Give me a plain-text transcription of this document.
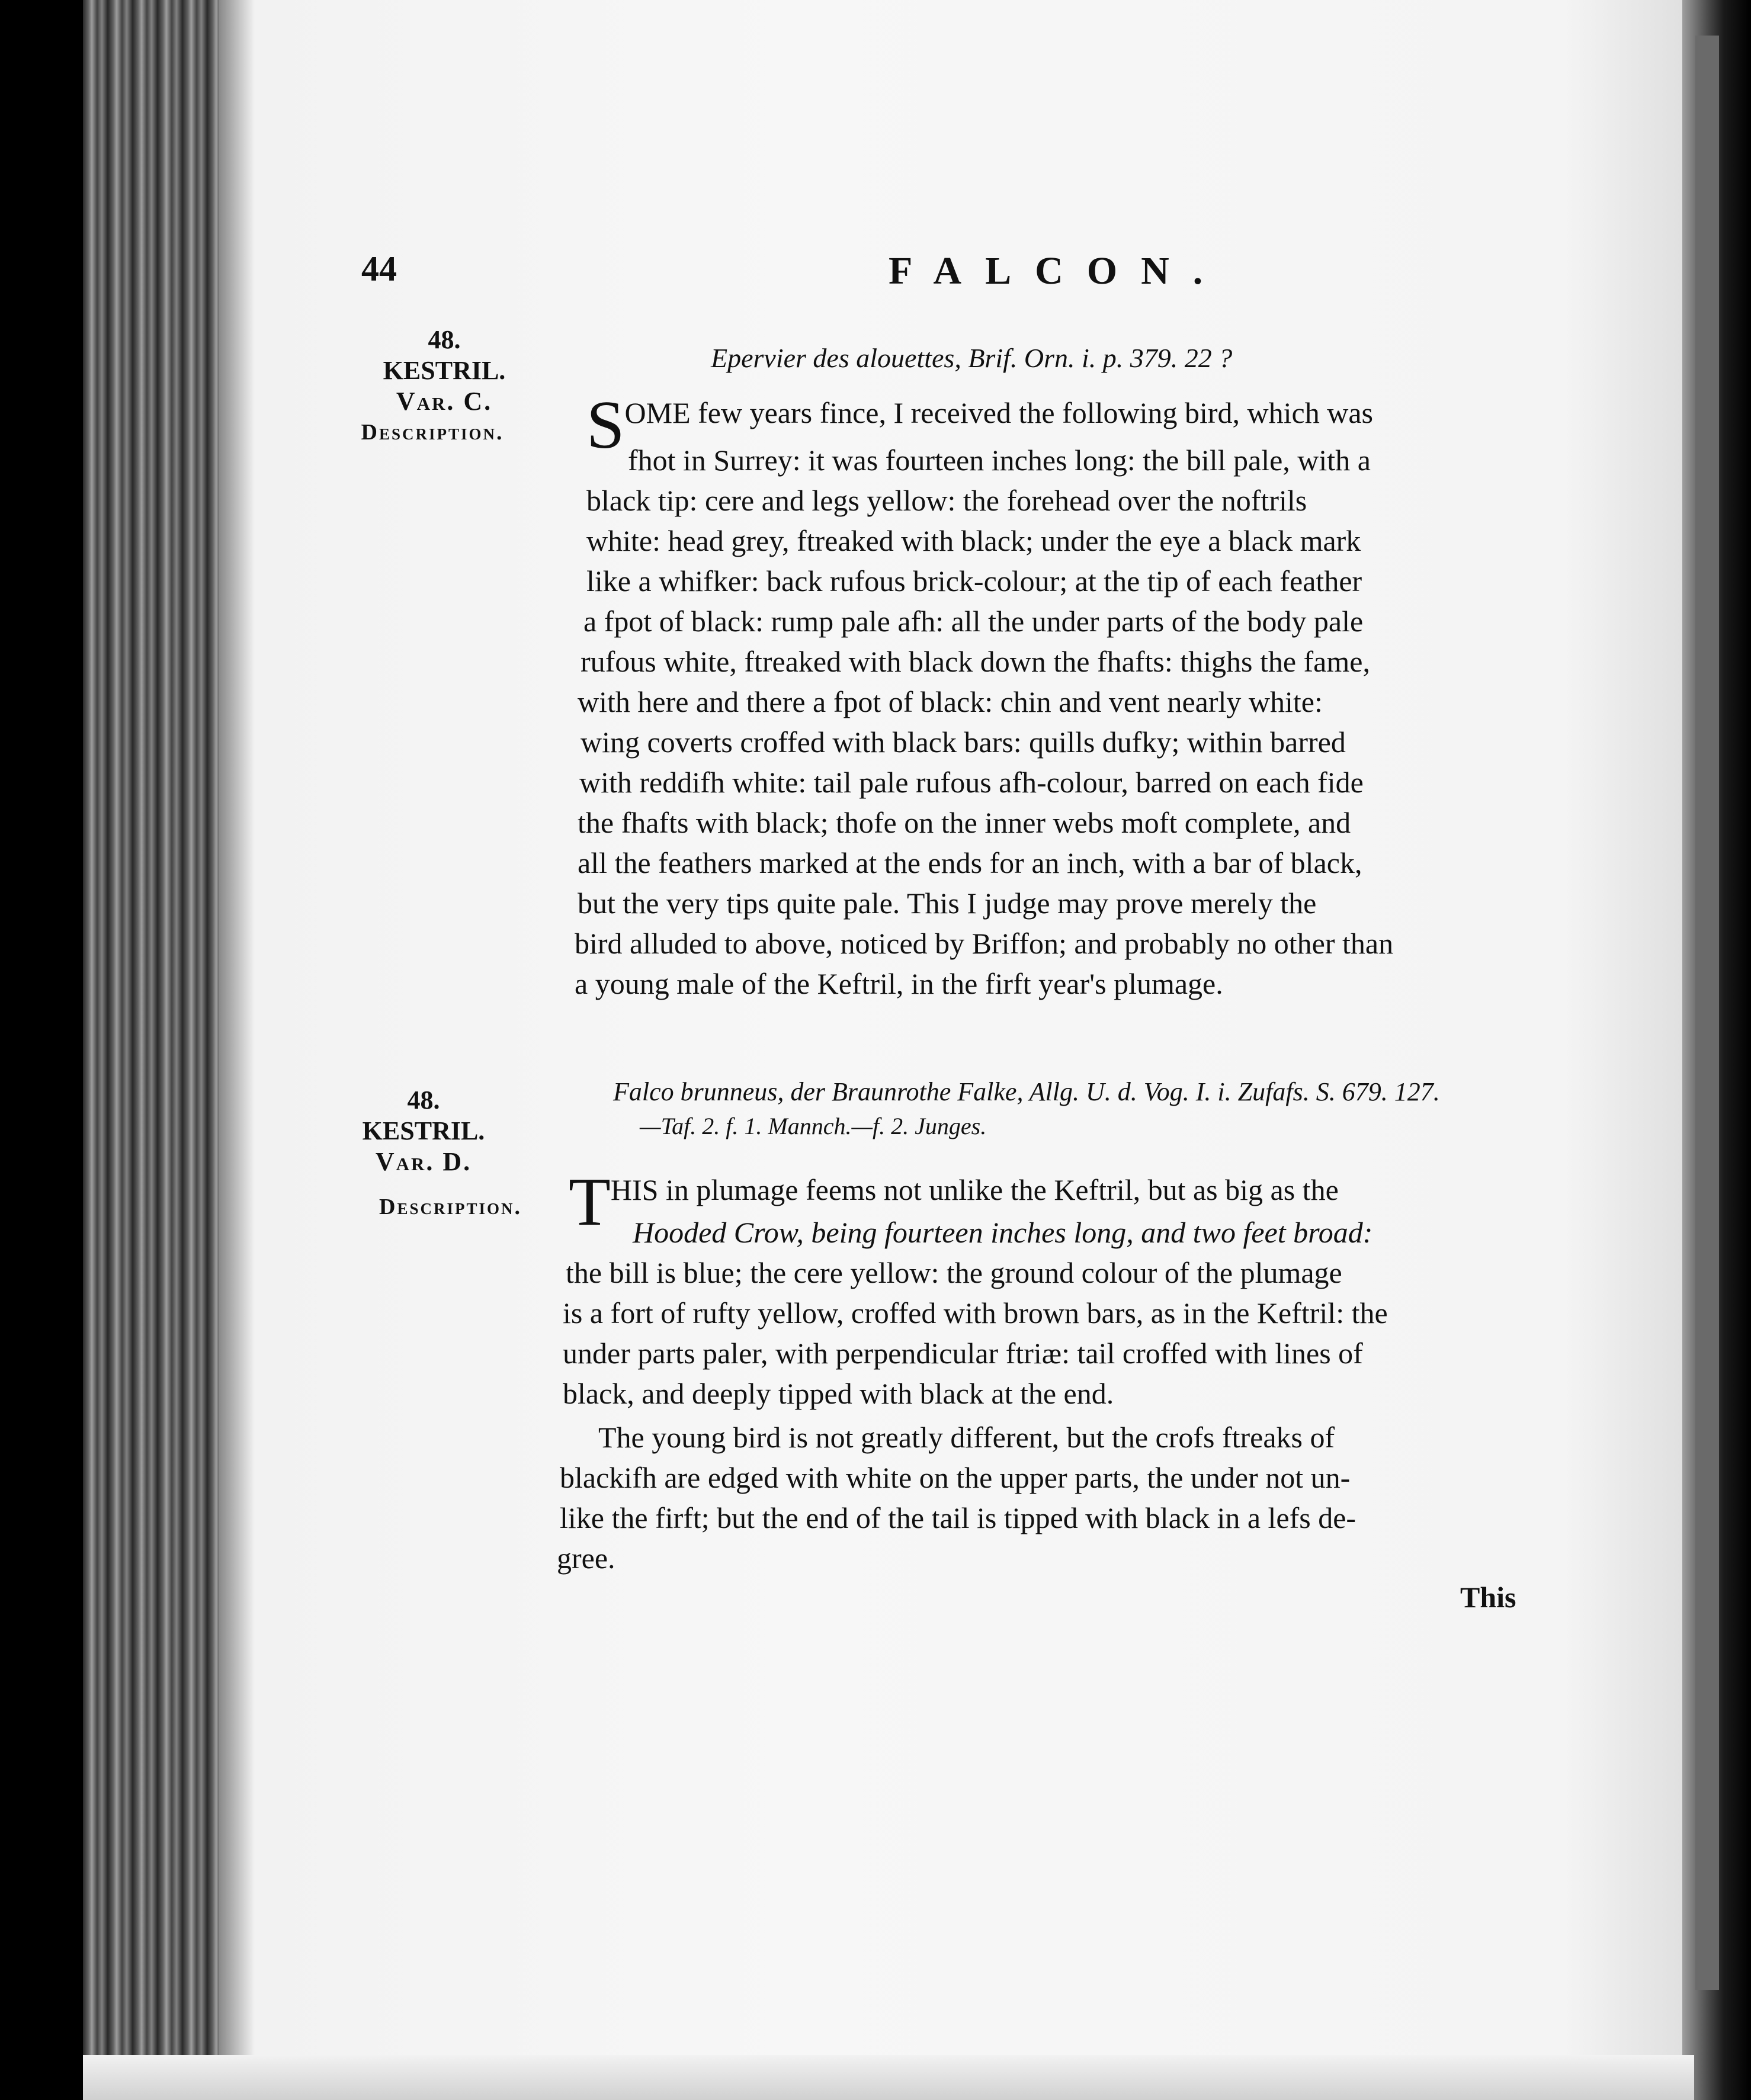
44	FALCON.
48.
KESTRIL.
Var. C.
Description.
Epervier des alouettes, Brif. Orn. i. p. 379. 22 ?
SOME few years fince, I received the following bird, which was
fhot in Surrey: it was fourteen inches long: the bill pale, with a
black tip: cere and legs yellow: the forehead over the noftrils
white: head grey, ftreaked with black; under the eye a black mark
like a whifker: back rufous brick-colour; at the tip of each feather
a fpot of black: rump pale afh: all the under parts of the body pale
rufous white, ftreaked with black down the fhafts: thighs the fame,
with here and there a fpot of black: chin and vent nearly white:
wing coverts croffed with black bars: quills dufky; within barred
with reddifh white: tail pale rufous afh-colour, barred on each fide
the fhafts with black; thofe on the inner webs moft complete, and
all the feathers marked at the ends for an inch, with a bar of black,
but the very tips quite pale. This I judge may prove merely the
bird alluded to above, noticed by Briffon; and probably no other than
a young male of the Keftril, in the firft year's plumage.
48.
KESTRIL.
Var. D.
Description.
Falco brunneus, der Braunrothe Falke, Allg. U. d. Vog. I. i. Zufafs. S. 679. 127.
—Taf. 2. f. 1. Mannch.—f. 2. Junges.
THIS in plumage feems not unlike the Keftril, but as big as the
Hooded Crow, being fourteen inches long, and two feet broad:
the bill is blue; the cere yellow: the ground colour of the plumage
is a fort of rufty yellow, croffed with brown bars, as in the Keftril: the
under parts paler, with perpendicular ftriæ: tail croffed with lines of
black, and deeply tipped with black at the end.
The young bird is not greatly different, but the crofs ftreaks of
blackifh are edged with white on the upper parts, the under not un-
like the firft; but the end of the tail is tipped with black in a lefs de-
gree.
This
